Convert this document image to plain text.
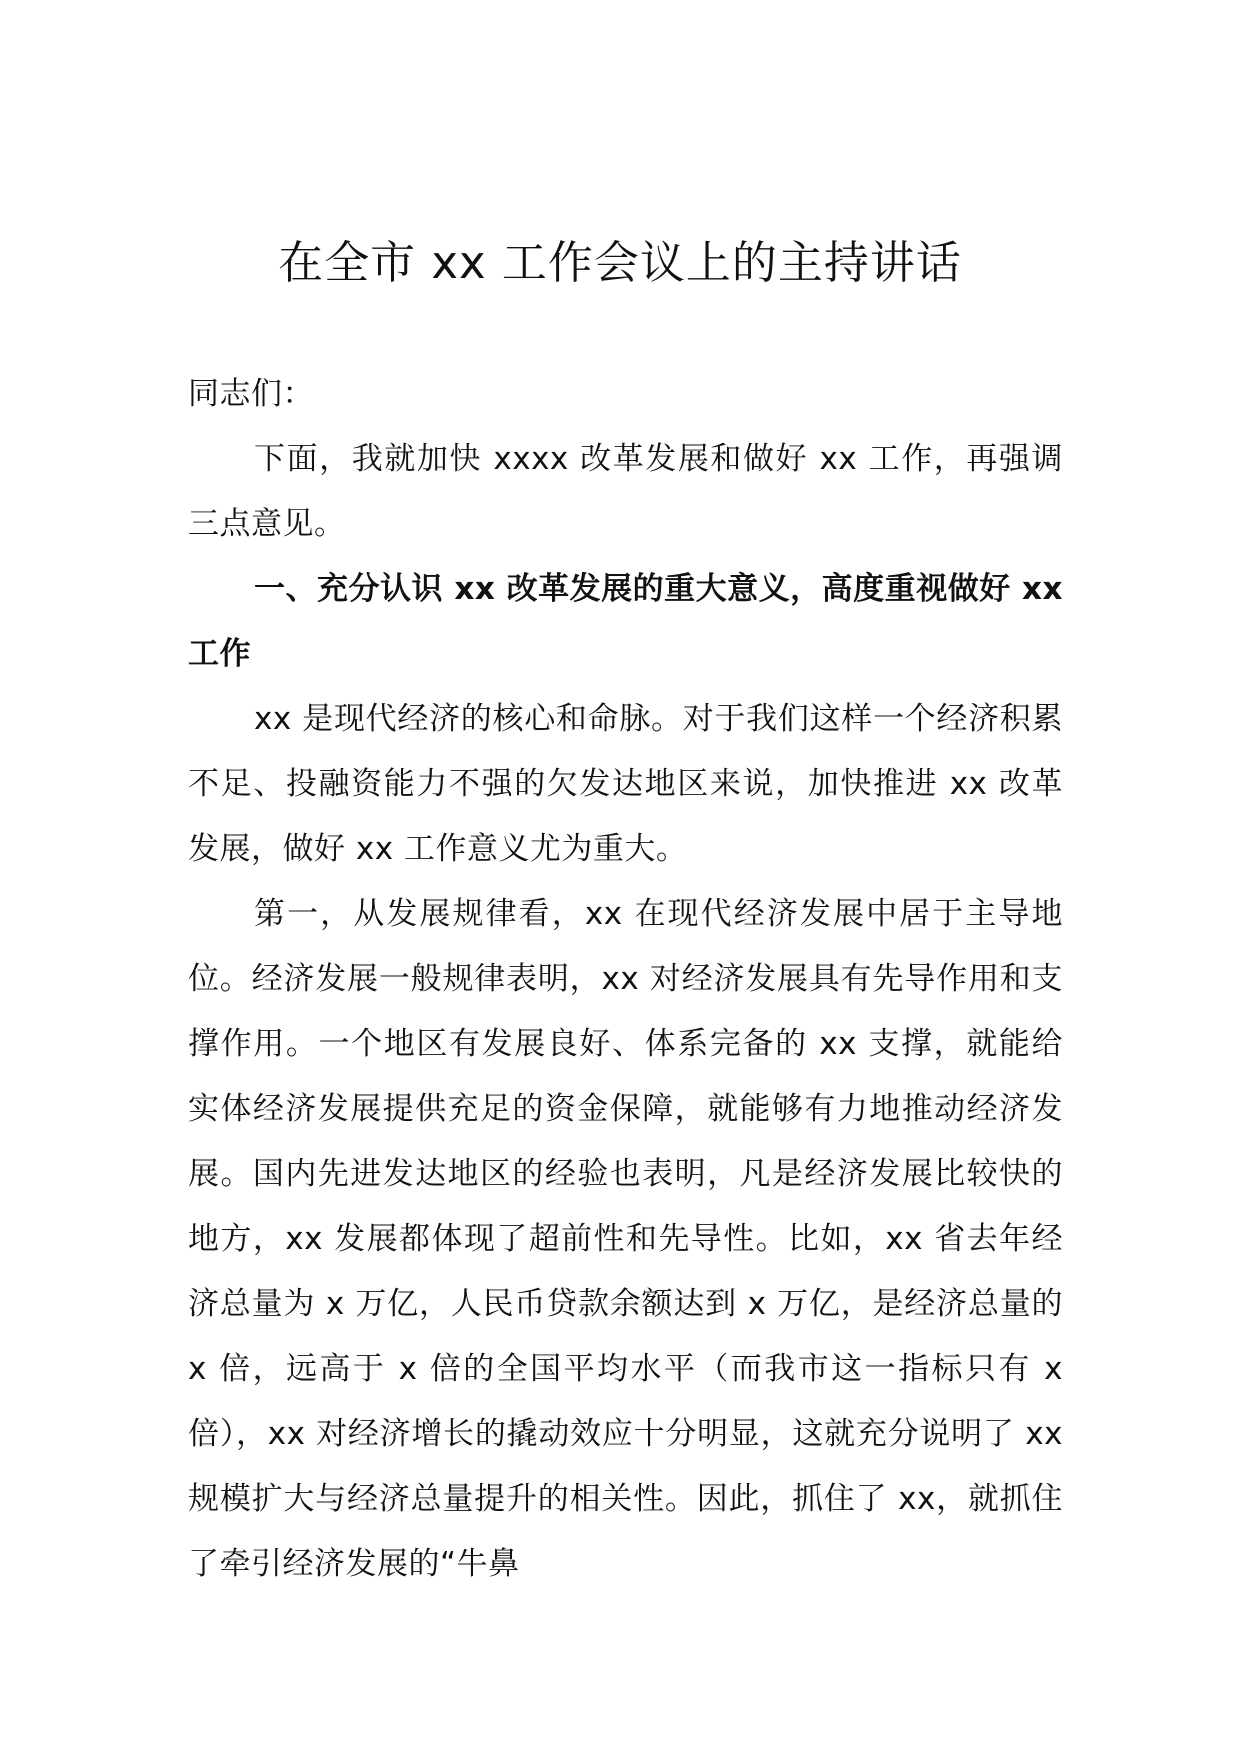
在全市 xx 工作会议上的主持讲话

同志们：

下面，我就加快 xxxx 改革发展和做好 xx 工作，再强调三点意见。

一、充分认识 xx 改革发展的重大意义，高度重视做好 xx 工作

xx 是现代经济的核心和命脉。对于我们这样一个经济积累不足、投融资能力不强的欠发达地区来说，加快推进 xx 改革发展，做好 xx 工作意义尤为重大。

第一，从发展规律看，xx 在现代经济发展中居于主导地位。经济发展一般规律表明，xx 对经济发展具有先导作用和支撑作用。一个地区有发展良好、体系完备的 xx 支撑，就能给实体经济发展提供充足的资金保障，就能够有力地推动经济发展。国内先进发达地区的经验也表明，凡是经济发展比较快的地方，xx 发展都体现了超前性和先导性。比如，xx 省去年经济总量为 x 万亿，人民币贷款余额达到 x 万亿，是经济总量的 x 倍，远高于 x 倍的全国平均水平（而我市这一指标只有 x 倍），xx 对经济增长的撬动效应十分明显，这就充分说明了 xx 规模扩大与经济总量提升的相关性。因此，抓住了 xx，就抓住了牵引经济发展的“牛鼻
